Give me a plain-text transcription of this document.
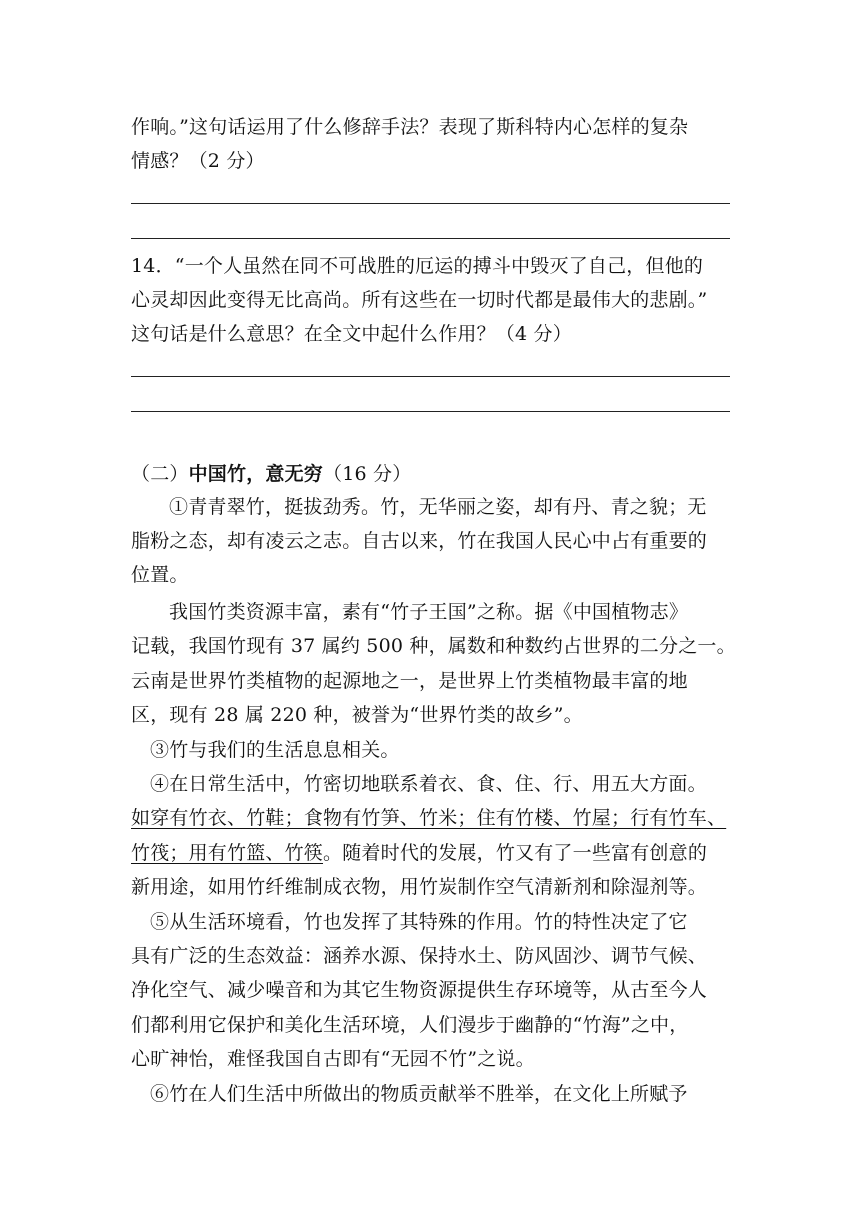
作响。”这句话运用了什么修辞手法？表现了斯科特内心怎样的复杂
情感？（2 分）
14．“一个人虽然在同不可战胜的厄运的搏斗中毁灭了自己，但他的
心灵却因此变得无比高尚。所有这些在一切时代都是最伟大的悲剧。”
这句话是什么意思？在全文中起什么作用？（4 分）
（二）中国竹，意无穷（16 分）
①青青翠竹，挺拔劲秀。竹，无华丽之姿，却有丹、青之貌；无
脂粉之态，却有凌云之志。自古以来，竹在我国人民心中占有重要的
位置。
我国竹类资源丰富，素有“竹子王国”之称。据《中国植物志》
记载，我国竹现有 37 属约 500 种，属数和种数约占世界的二分之一。
云南是世界竹类植物的起源地之一，是世界上竹类植物最丰富的地
区，现有 28 属 220 种，被誉为“世界竹类的故乡”。
③竹与我们的生活息息相关。
④在日常生活中，竹密切地联系着衣、食、住、行、用五大方面。
如穿有竹衣、竹鞋；食物有竹笋、竹米；住有竹楼、竹屋；行有竹车、
竹筏；用有竹篮、竹筷。随着时代的发展，竹又有了一些富有创意的
新用途，如用竹纤维制成衣物，用竹炭制作空气清新剂和除湿剂等。
⑤从生活环境看，竹也发挥了其特殊的作用。竹的特性决定了它
具有广泛的生态效益：涵养水源、保持水土、防风固沙、调节气候、
净化空气、减少噪音和为其它生物资源提供生存环境等，从古至今人
们都利用它保护和美化生活环境，人们漫步于幽静的“竹海”之中，
心旷神怡，难怪我国自古即有“无园不竹”之说。
⑥竹在人们生活中所做出的物质贡献举不胜举，在文化上所赋予
